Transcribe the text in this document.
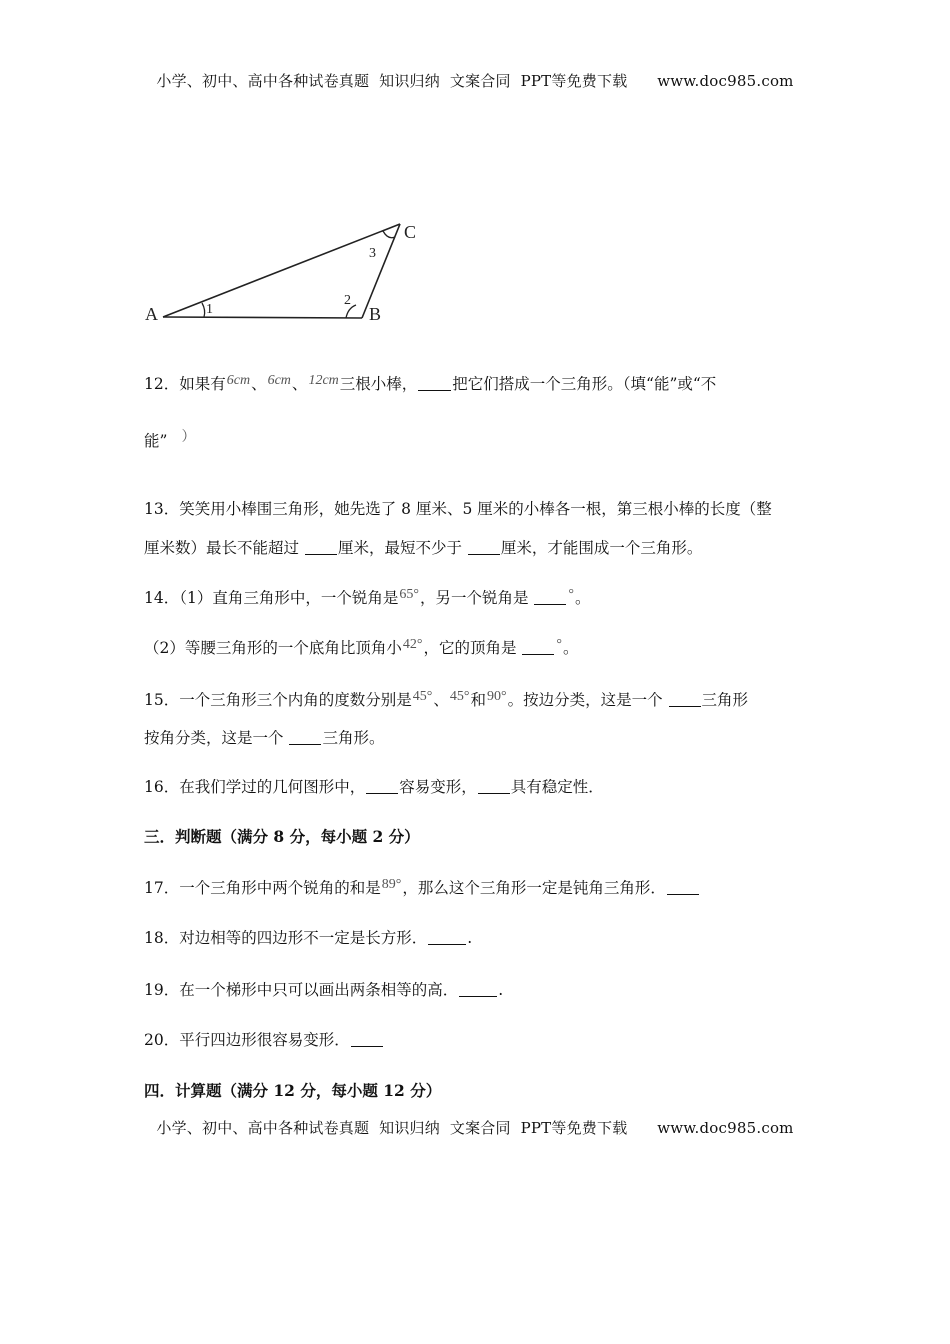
小学、初中、高中各种试卷真题  知识归纳  文案合同  PPT等免费下载      www.doc985.com
A	B
C
1
2
3
12．如果有6cm、6cm、12cm三根小棒， 把它们搭成一个三角形。（填“能”或“不
能” ）
13．笑笑用小棒围三角形，她先选了 8 厘米、5 厘米的小棒各一根，第三根小棒的长度（整
厘米数）最长不能超过 厘米，最短不少于 厘米，才能围成一个三角形。
14．（1）直角三角形中，一个锐角是65°，另一个锐角是	°。
（2）等腰三角形的一个底角比顶角小42°，它的顶角是	°。
15．一个三角形三个内角的度数分别是45°、45°和90°。按边分类，这是一个 三角形
按角分类，这是一个 三角形。
16．在我们学过的几何图形中， 容易变形， 具有稳定性．
三．判断题（满分 8 分，每小题 2 分）
17．一个三角形中两个锐角的和是89°，那么这个三角形一定是钝角三角形．
18．对边相等的四边形不一定是长方形．	.
19．在一个梯形中只可以画出两条相等的高．	.
20．平行四边形很容易变形．
四．计算题（满分 12 分，每小题 12 分）
小学、初中、高中各种试卷真题  知识归纳  文案合同  PPT等免费下载      www.doc985.com
